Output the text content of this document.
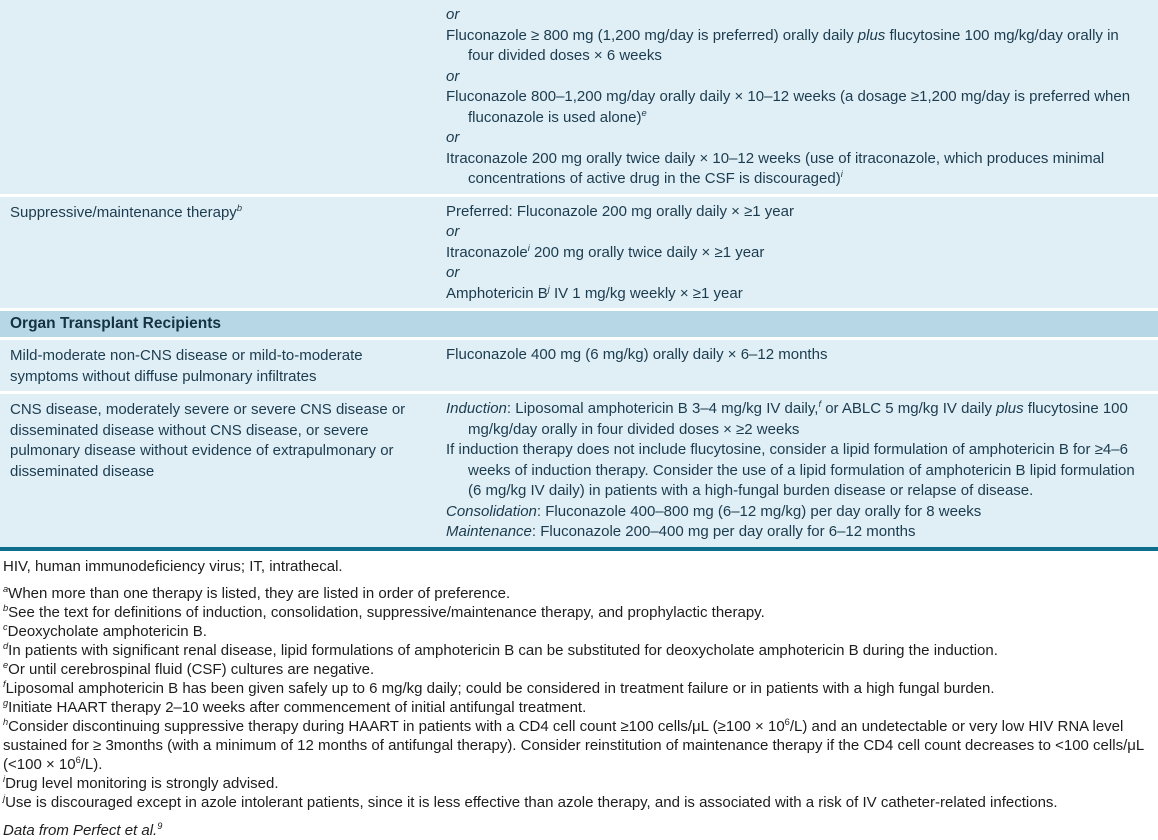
or

Fluconazole ≥ 800 mg (1,200 mg/day is preferred) orally daily plus flucytosine 100 mg/kg/day orally in four divided doses × 6 weeks

or

Fluconazole 800–1,200 mg/day orally daily × 10–12 weeks (a dosage ≥1,200 mg/day is preferred when fluconazole is used alone)$^e$

or

Itraconazole 200 mg orally twice daily × 10–12 weeks (use of itraconazole, which produces minimal concentrations of active drug in the CSF is discouraged)$^i$

Suppressive/maintenance therapy$^b$	Preferred: Fluconazole 200 mg orally daily × ≥1 year

or

Itraconazole$^i$ 200 mg orally twice daily × ≥1 year

or

Amphotericin $B^j$ IV 1 mg/kg weekly × ≥1 year

Organ Transplant Recipients

Mild-moderate non-CNS disease or mild-to-moderate symptoms without diffuse pulmonary infiltrates

Fluconazole 400 mg (6 mg/kg) orally daily × 6–12 months

CNS disease, moderately severe or severe CNS disease or disseminated disease without CNS disease, or severe pulmonary disease without evidence of extrapulmonary or disseminated disease

Induction: Liposomal amphotericin B 3–4 mg/kg IV daily,$^f$ or ABLC 5 mg/kg IV daily plus flucytosine 100 mg/kg/day orally in four divided doses × ≥2 weeks

If induction therapy does not include flucytosine, consider a lipid formulation of amphotericin B for ≥4–6 weeks of induction therapy. Consider the use of a lipid formulation of amphotericin B lipid formulation (6 mg/kg IV daily) in patients with a high-fungal burden disease or relapse of disease.

Consolidation: Fluconazole 400–800 mg (6–12 mg/kg) per day orally for 8 weeks

Maintenance: Fluconazole 200–400 mg per day orally for 6–12 months

HIV, human immunodeficiency virus; IT, intrathecal.

$^a$When more than one therapy is listed, they are listed in order of preference.

$^b$See the text for definitions of induction, consolidation, suppressive/maintenance therapy, and prophylactic therapy.

$^c$Deoxycholate amphotericin B.

$^d$In patients with significant renal disease, lipid formulations of amphotericin B can be substituted for deoxycholate amphotericin B during the induction.

$^e$Or until cerebrospinal fluid (CSF) cultures are negative.

$^f$Liposomal amphotericin B has been given safely up to 6 mg/kg daily; could be considered in treatment failure or in patients with a high fungal burden.

$^g$Initiate HAART therapy 2–10 weeks after commencement of initial antifungal treatment.

$^h$Consider discontinuing suppressive therapy during HAART in patients with a CD4 cell count ≥100 cells/μL $(\ge 100 \times 10^6/L)$ and an undetectable or very low HIV RNA level sustained for ≥ 3months (with a minimum of 12 months of antifungal therapy). Consider reinstitution of maintenance therapy if the CD4 cell count decreases to <100 cells/μL $(<100 \times 10^6/L)$.

$^i$Drug level monitoring is strongly advised.

$^j$Use is discouraged except in azole intolerant patients, since it is less effective than azole therapy, and is associated with a risk of IV catheter-related infections.

Data from Perfect et al.$^9$
